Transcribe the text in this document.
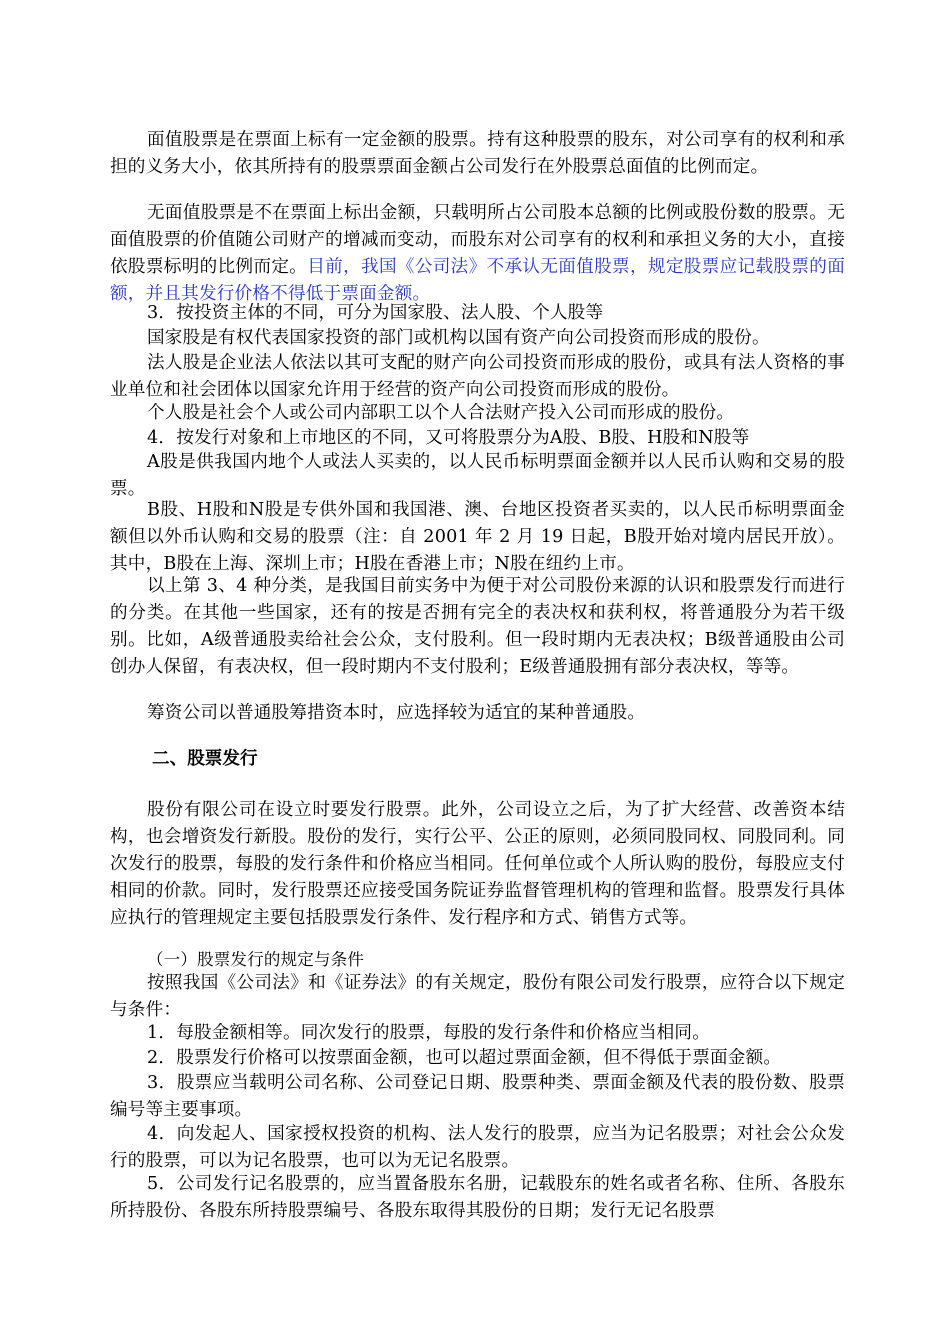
面值股票是在票面上标有一定金额的股票。持有这种股票的股东，对公司享有的权利和承担的义务大小，依其所持有的股票票面金额占公司发行在外股票总面值的比例而定。

无面值股票是不在票面上标出金额，只载明所占公司股本总额的比例或股份数的股票。无面值股票的价值随公司财产的增减而变动，而股东对公司享有的权利和承担义务的大小，直接依股票标明的比例而定。目前，我国《公司法》不承认无面值股票，规定股票应记载股票的面额，并且其发行价格不得低于票面金额。

3．按投资主体的不同，可分为国家股、法人股、个人股等

国家股是有权代表国家投资的部门或机构以国有资产向公司投资而形成的股份。

法人股是企业法人依法以其可支配的财产向公司投资而形成的股份，或具有法人资格的事业单位和社会团体以国家允许用于经营的资产向公司投资而形成的股份。

个人股是社会个人或公司内部职工以个人合法财产投入公司而形成的股份。

4．按发行对象和上市地区的不同，又可将股票分为A股、B股、H股和N股等

A股是供我国内地个人或法人买卖的，以人民币标明票面金额并以人民币认购和交易的股票。

B股、H股和N股是专供外国和我国港、澳、台地区投资者买卖的，以人民币标明票面金额但以外币认购和交易的股票（注：自 2001 年 2 月 19 日起，B股开始对境内居民开放）。其中，B股在上海、深圳上市；H股在香港上市；N股在纽约上市。

以上第 3、4 种分类，是我国目前实务中为便于对公司股份来源的认识和股票发行而进行的分类。在其他一些国家，还有的按是否拥有完全的表决权和获利权，将普通股分为若干级别。比如，A级普通股卖给社会公众，支付股利。但一段时期内无表决权；B级普通股由公司创办人保留，有表决权，但一段时期内不支付股利；E级普通股拥有部分表决权，等等。

筹资公司以普通股筹措资本时，应选择较为适宜的某种普通股。

二、股票发行

股份有限公司在设立时要发行股票。此外，公司设立之后，为了扩大经营、改善资本结构，也会增资发行新股。股份的发行，实行公平、公正的原则，必须同股同权、同股同利。同次发行的股票，每股的发行条件和价格应当相同。任何单位或个人所认购的股份，每股应支付相同的价款。同时，发行股票还应接受国务院证券监督管理机构的管理和监督。股票发行具体应执行的管理规定主要包括股票发行条件、发行程序和方式、销售方式等。

（一）股票发行的规定与条件

按照我国《公司法》和《证券法》的有关规定，股份有限公司发行股票，应符合以下规定与条件：

1．每股金额相等。同次发行的股票，每股的发行条件和价格应当相同。

2．股票发行价格可以按票面金额，也可以超过票面金额，但不得低于票面金额。

3．股票应当载明公司名称、公司登记日期、股票种类、票面金额及代表的股份数、股票编号等主要事项。

4．向发起人、国家授权投资的机构、法人发行的股票，应当为记名股票；对社会公众发行的股票，可以为记名股票，也可以为无记名股票。

5．公司发行记名股票的，应当置备股东名册，记载股东的姓名或者名称、住所、各股东所持股份、各股东所持股票编号、各股东取得其股份的日期；发行无记名股票
